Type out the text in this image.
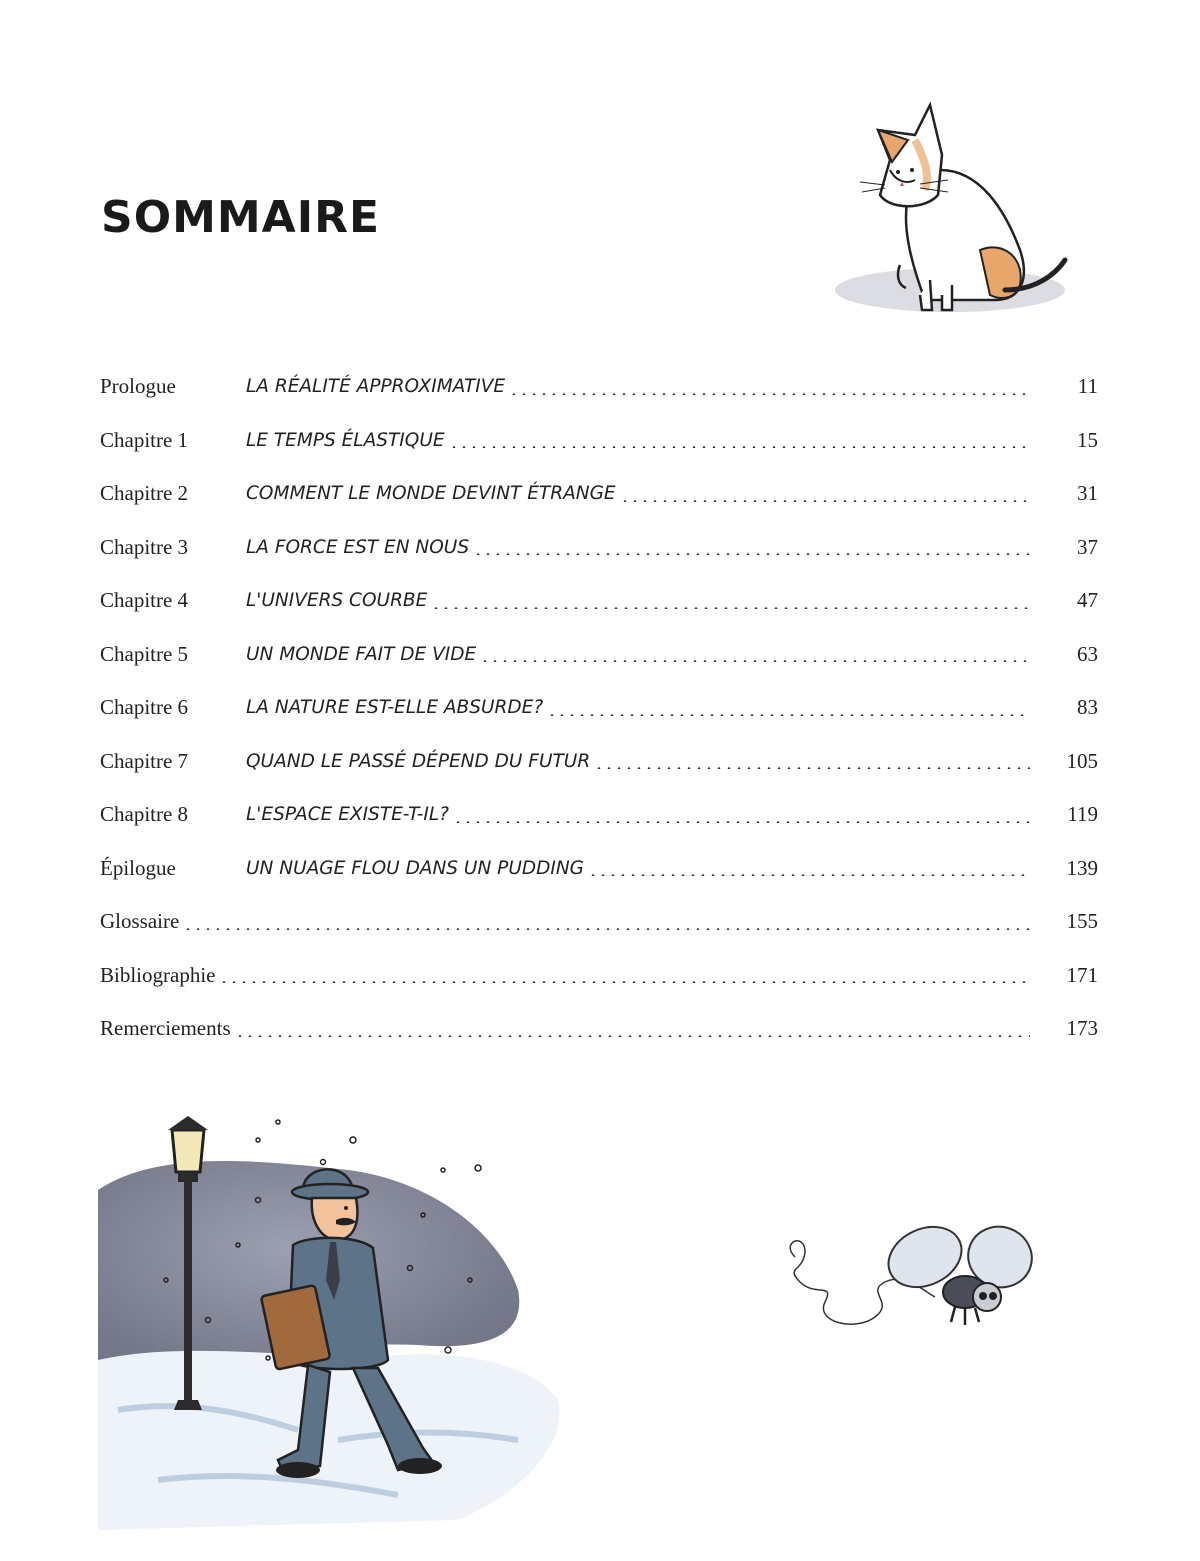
SOMMAIRE
Prologue	LA RÉALITÉ APPROXIMATIVE	11
Chapitre 1	LE TEMPS ÉLASTIQUE	15
Chapitre 2	COMMENT LE MONDE DEVINT ÉTRANGE	31
Chapitre 3	LA FORCE EST EN NOUS	37
Chapitre 4	L'UNIVERS COURBE	47
Chapitre 5	UN MONDE FAIT DE VIDE	63
Chapitre 6	LA NATURE EST-ELLE ABSURDE?	83
Chapitre 7	QUAND LE PASSÉ DÉPEND DU FUTUR	105
Chapitre 8	L'ESPACE EXISTE-T-IL?	119
Épilogue	UN NUAGE FLOU DANS UN PUDDING	139
Glossaire	155
Bibliographie	171
Remerciements	173
